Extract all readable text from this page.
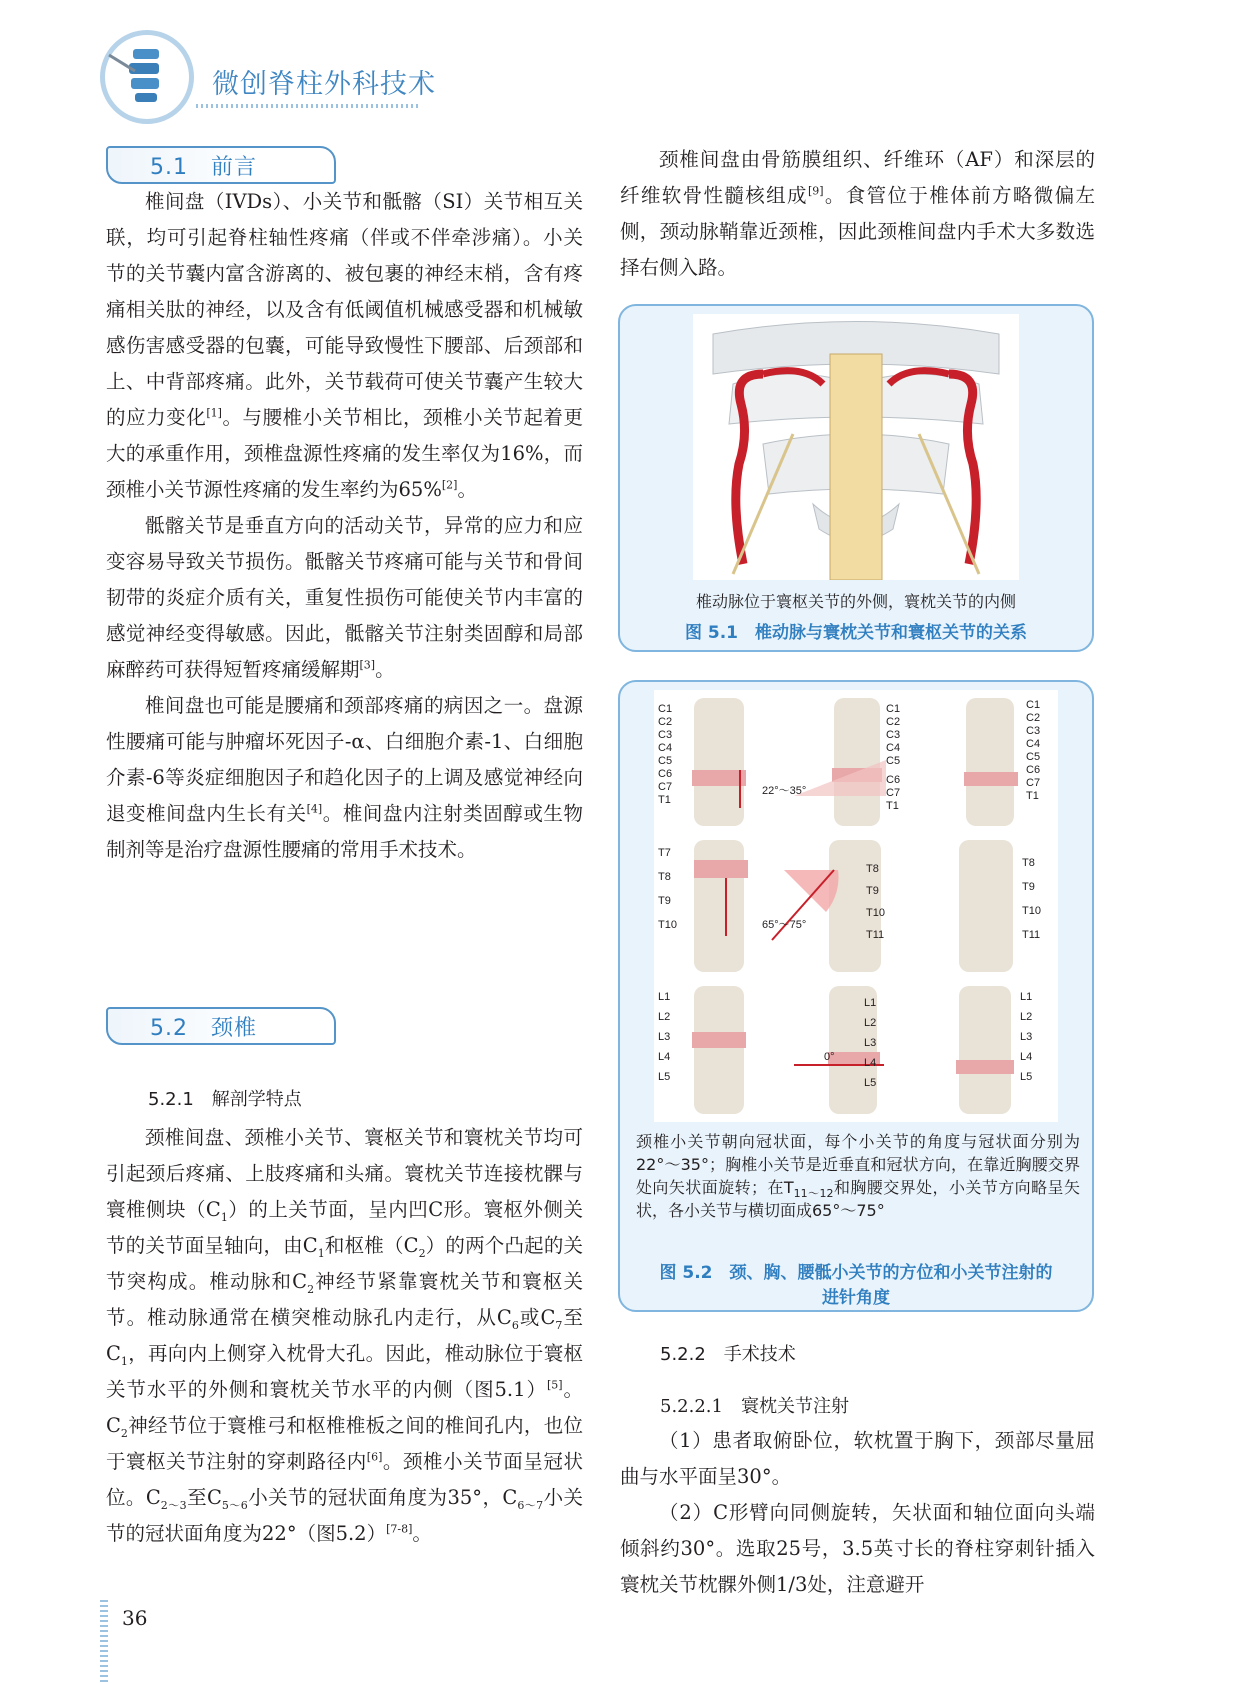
微创脊柱外科技术
5.1　前言

椎间盘（IVDs）、小关节和骶髂（SI）关节相互关联，均可引起脊柱轴性疼痛（伴或不伴牵涉痛）。小关节的关节囊内富含游离的、被包裹的神经末梢，含有疼痛相关肽的神经，以及含有低阈值机械感受器和机械敏感伤害感受器的包囊，可能导致慢性下腰部、后颈部和上、中背部疼痛。此外，关节载荷可使关节囊产生较大的应力变化[1]。与腰椎小关节相比，颈椎小关节起着更大的承重作用，颈椎盘源性疼痛的发生率仅为16%，而颈椎小关节源性疼痛的发生率约为65%[2]。

骶髂关节是垂直方向的活动关节，异常的应力和应变容易导致关节损伤。骶髂关节疼痛可能与关节和骨间韧带的炎症介质有关，重复性损伤可能使关节内丰富的感觉神经变得敏感。因此，骶髂关节注射类固醇和局部麻醉药可获得短暂疼痛缓解期[3]。

椎间盘也可能是腰痛和颈部疼痛的病因之一。盘源性腰痛可能与肿瘤坏死因子-α、白细胞介素-1、白细胞介素-6等炎症细胞因子和趋化因子的上调及感觉神经向退变椎间盘内生长有关[4]。椎间盘内注射类固醇或生物制剂等是治疗盘源性腰痛的常用手术技术。

5.2　颈椎
5.2.1　解剖学特点

颈椎间盘、颈椎小关节、寰枢关节和寰枕关节均可引起颈后疼痛、上肢疼痛和头痛。寰枕关节连接枕髁与寰椎侧块$(C_1)$的上关节面，呈内凹C形。寰枢外侧关节的关节面呈轴向，由$C_1$和枢椎$(C_2)$的两个凸起的关节突构成。椎动脉和$C_2$神经节紧靠寰枕关节和寰枢关节。椎动脉通常在横突椎动脉孔内走行，从$C_6$或$C_7$至$C_1$，再向内上侧穿入枕骨大孔。因此，椎动脉位于寰枢关节水平的外侧和寰枕关节水平的内侧（图5.1）[5]。$C_2$神经节位于寰椎弓和枢椎椎板之间的椎间孔内，也位于寰枢关节注射的穿刺路径内[6]。颈椎小关节面呈冠状位。$C_{2\sim 3}$至$C_{5\sim 6}$小关节的冠状面角度为35°，$C_{6\sim 7}$小关节的冠状面角度为22°（图5.2）[7-8]。

颈椎间盘由骨筋膜组织、纤维环（AF）和深层的纤维软骨性髓核组成[9]。食管位于椎体前方略微偏左侧，颈动脉鞘靠近颈椎，因此颈椎间盘内手术大多数选择右侧入路。

椎动脉位于寰枢关节的外侧，寰枕关节的内侧
图 5.1　椎动脉与寰枕关节和寰枢关节的关系
C1	C1	C1
C2	C2	C2
C3	C3	C3
C4	C4	C4
C5	C5	C5
C6	C6
C6
C7	C7
C7
T1	T1
T1
T7
T8
T9
T10
T8
T9
T10
T11
T8
T9
T10
T11
L1	L1	L1
L2	L2	L2
L3	L3	L3
L4	L4	L4
L5	L5	L5
22°～35°
65°～75°
0°
颈椎小关节朝向冠状面，每个小关节的角度与冠状面分别为22°～35°；胸椎小关节是近垂直和冠状方向，在靠近胸腰交界处向矢状面旋转；在$T_{11\sim 12}$和胸腰交界处，小关节方向略呈矢状，各小关节与横切面成65°～75°
图 5.2　颈、胸、腰骶小关节的方位和小关节注射的
进针角度
5.2.2　手术技术
5.2.2.1　寰枕关节注射

（1）患者取俯卧位，软枕置于胸下，颈部尽量屈曲与水平面呈30°。

（2）C形臂向同侧旋转，矢状面和轴位面向头端倾斜约30°。选取25号，3.5英寸长的脊柱穿刺针插入寰枕关节枕髁外侧1/3处，注意避开

36
